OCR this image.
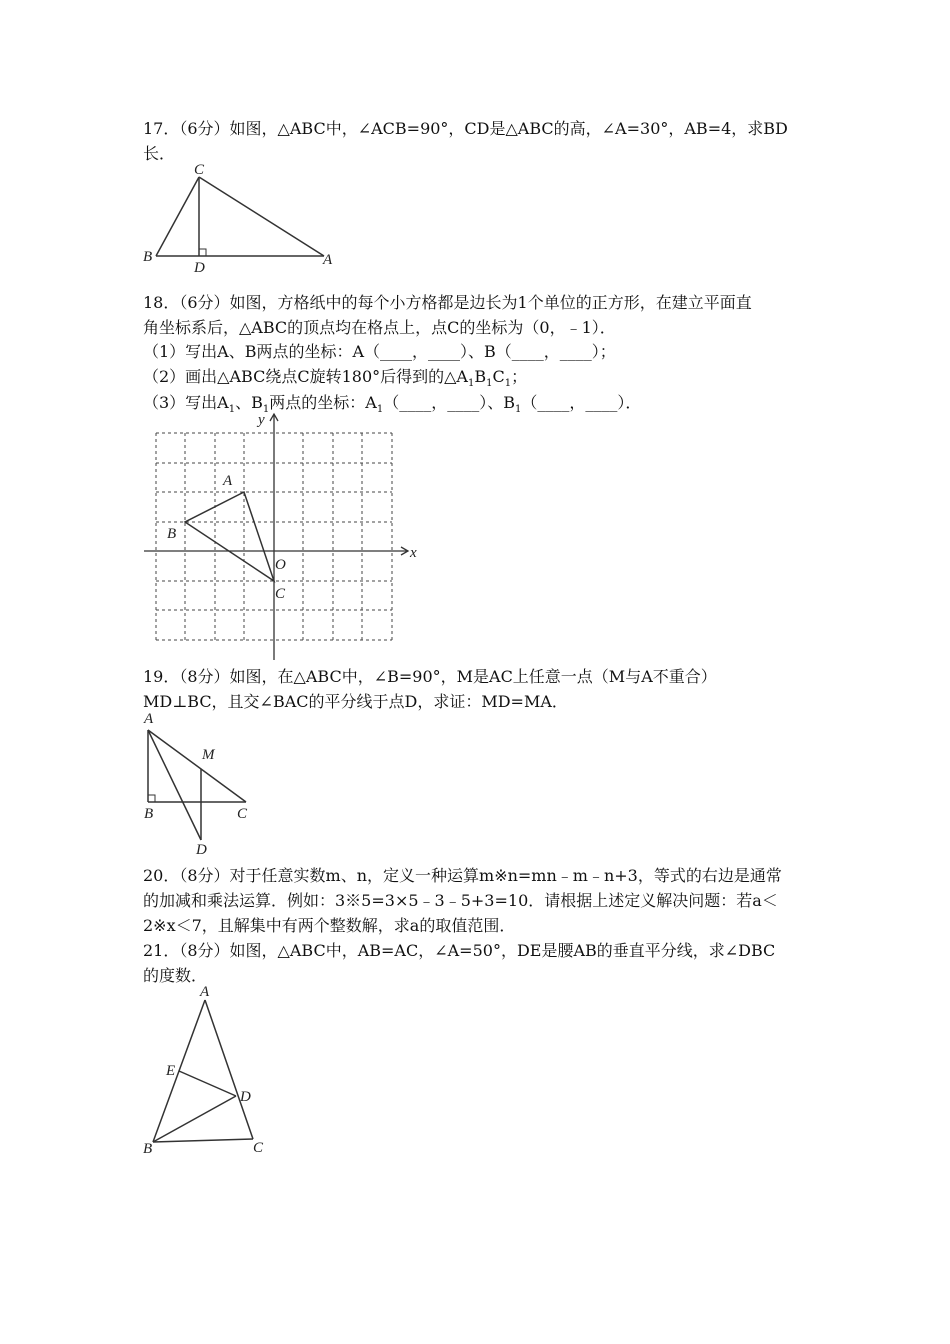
17．（6分）如图，△ABC中，∠ACB=90°，CD是△ABC的高，∠A=30°，AB=4，求BD
长．
C
B
D	A
18．（6分）如图，方格纸中的每个小方格都是边长为1个单位的正方形，在建立平面直
角坐标系后，△ABC的顶点均在格点上，点C的坐标为（0，﹣1）．
（1）写出A、B两点的坐标：A（____，____）、B（____，____）；
（2）画出△ABC绕点C旋转180°后得到的$\triangle A_1B_1C_1$；
（3）写出$A_1$、$B_1$两点的坐标：$A_1(\_\_\_\_$，____）、$B_1(\_\_\_\_$，____）．
y
x
A
B
O
C
19．（8分）如图，在△ABC中，∠B=90°，M是AC上任意一点（M与A不重合）
MD⊥BC，且交∠BAC的平分线于点D，求证：MD=MA．
A
M
B	C
D
20．（8分）对于任意实数m、n，定义一种运算m※n=mn﹣m﹣n+3，等式的右边是通常
的加减和乘法运算．例如：3※5=3×5﹣3﹣5+3=10．请根据上述定义解决问题：若a＜
2※x＜7，且解集中有两个整数解，求a的取值范围．
21．（8分）如图，△ABC中，AB=AC，∠A=50°，DE是腰AB的垂直平分线，求∠DBC
的度数．
A
E
D
B	C
